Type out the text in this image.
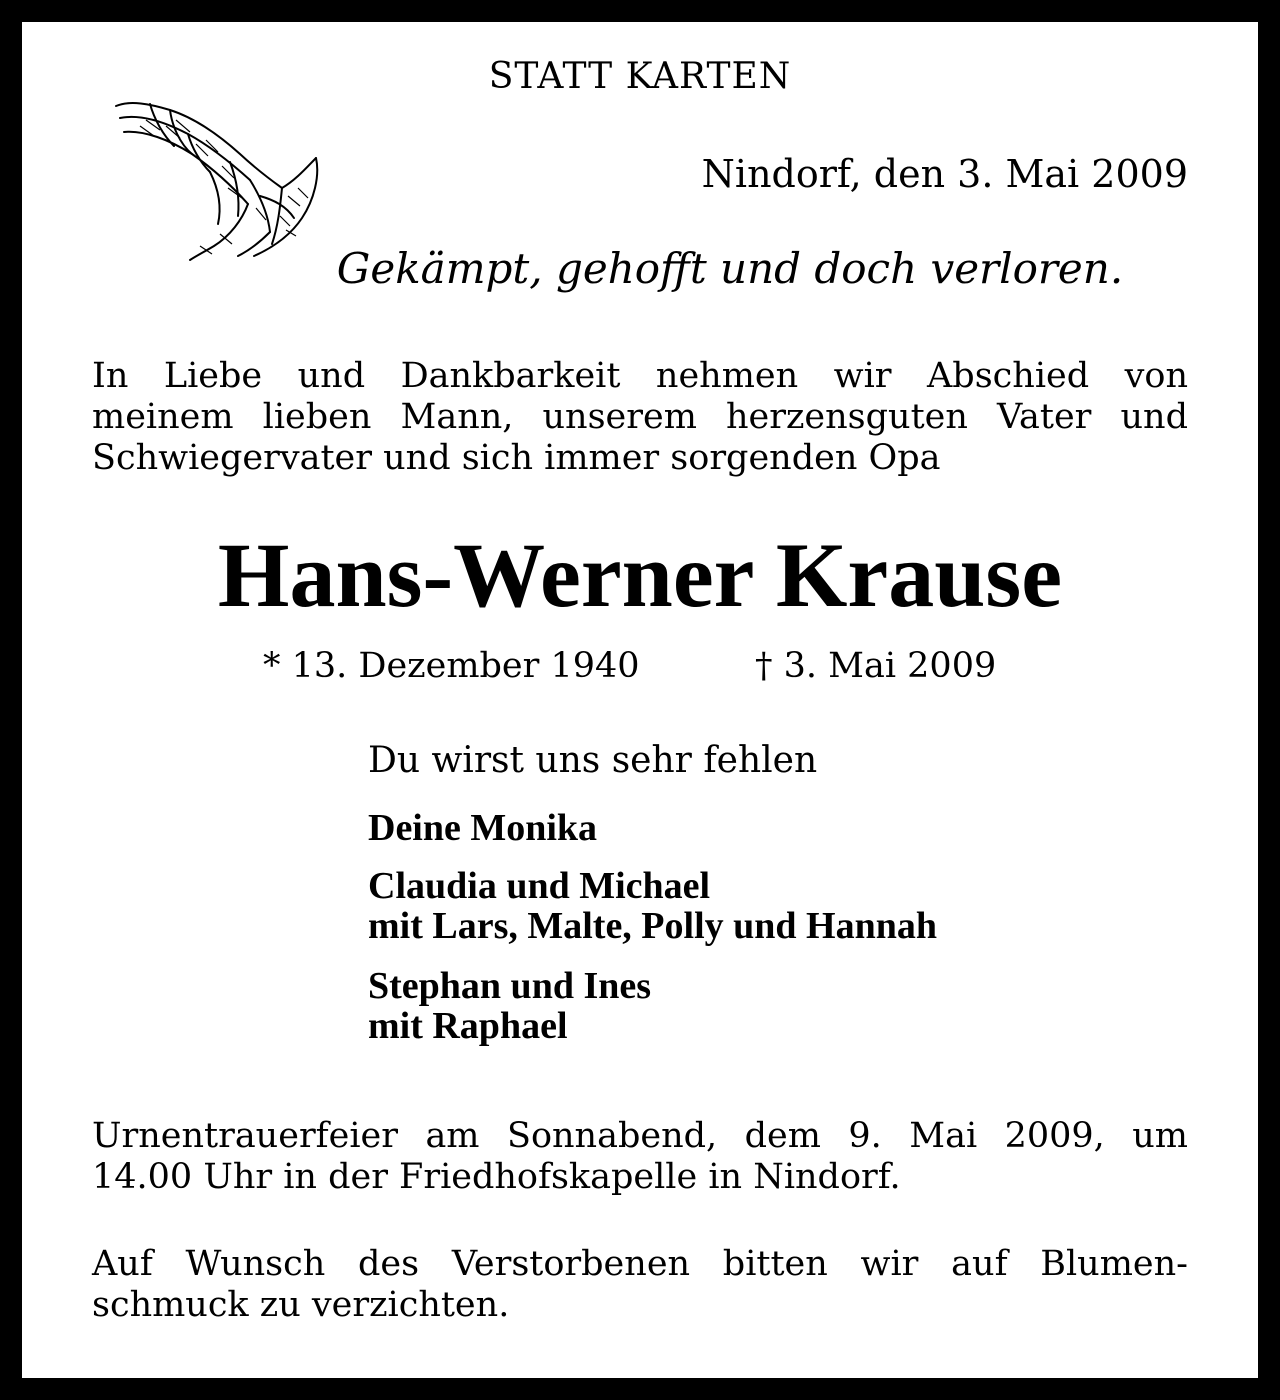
STATT KARTEN
Nindorf, den 3. Mai 2009
Gekämpt, gehofft und doch verloren.

In Liebe und Dankbarkeit nehmen wir Abschied von

meinem lieben Mann, unserem herzensguten Vater und

Schwiegervater und sich immer sorgenden Opa

Hans-Werner Krause
* 13. Dezember 1940	† 3. Mai 2009
Du wirst uns sehr fehlen
Deine Monika
Claudia und Michael
mit Lars, Malte, Polly und Hannah
Stephan und Ines
mit Raphael

Urnentrauerfeier am Sonnabend, dem 9. Mai 2009, um

14.00 Uhr in der Friedhofskapelle in Nindorf.

Auf Wunsch des Verstorbenen bitten wir auf Blumen-

schmuck zu verzichten.
